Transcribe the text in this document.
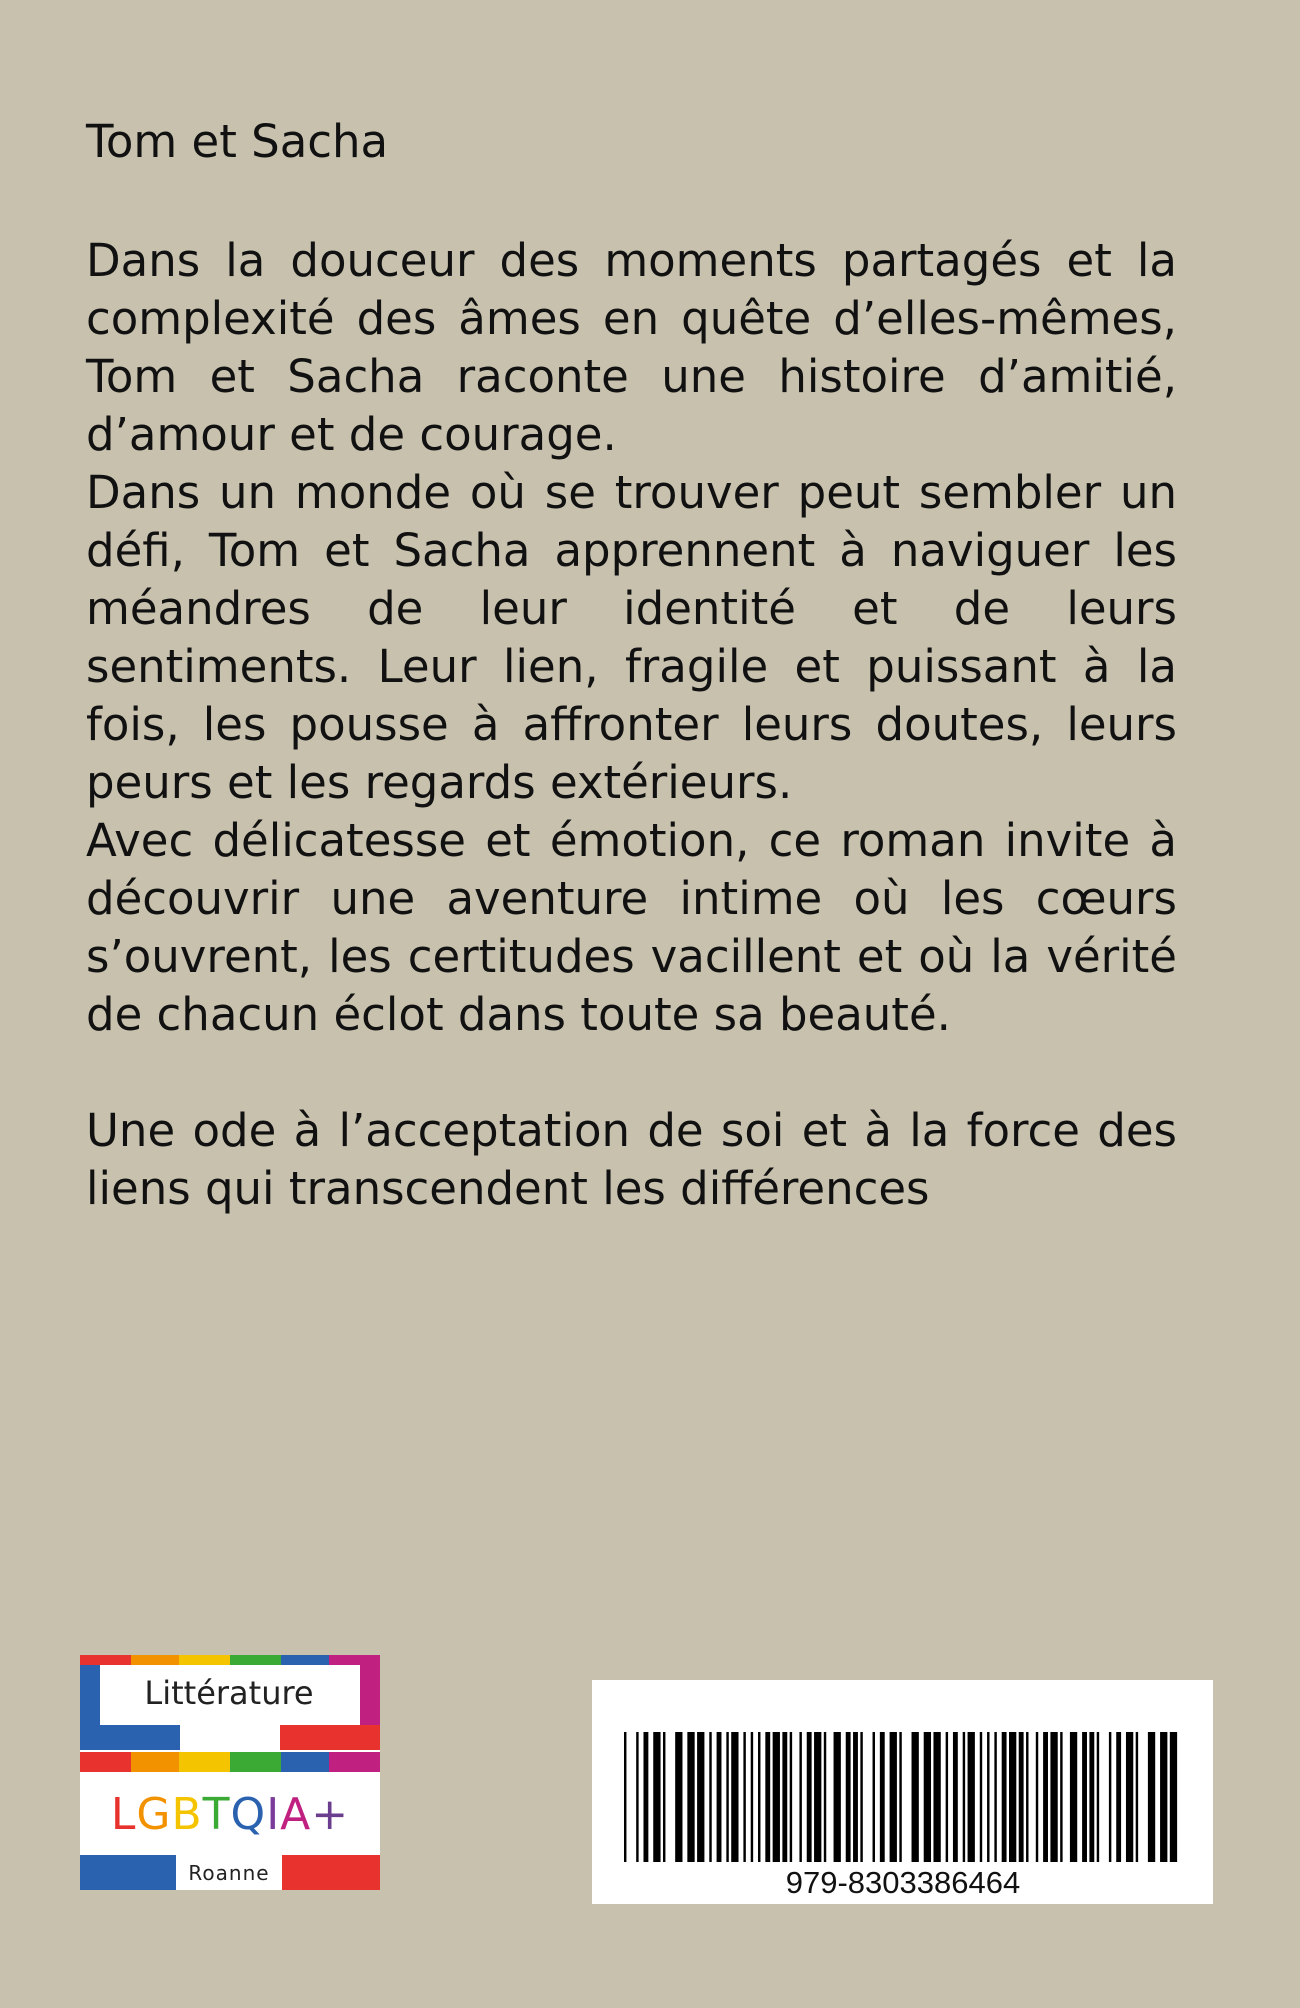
Tom et Sacha

Dans la douceur des moments partagés et la complexité des âmes en quête d’elles-mêmes, Tom et Sacha raconte une histoire d’amitié, d’amour et de courage.

Dans un monde où se trouver peut sembler un défi, Tom et Sacha apprennent à naviguer les méandres de leur identité et de leurs sentiments. Leur lien, fragile et puissant à la fois, les pousse à affronter leurs doutes, leurs peurs et les regards extérieurs.

Avec délicatesse et émotion, ce roman invite à découvrir une aventure intime où les cœurs s’ouvrent, les certitudes vacillent et où la vérité de chacun éclot dans toute sa beauté.

Une ode à l’acceptation de soi et à la force des liens qui transcendent les différences

Littérature
LGBTQIA+
Roanne	979-8303386464
